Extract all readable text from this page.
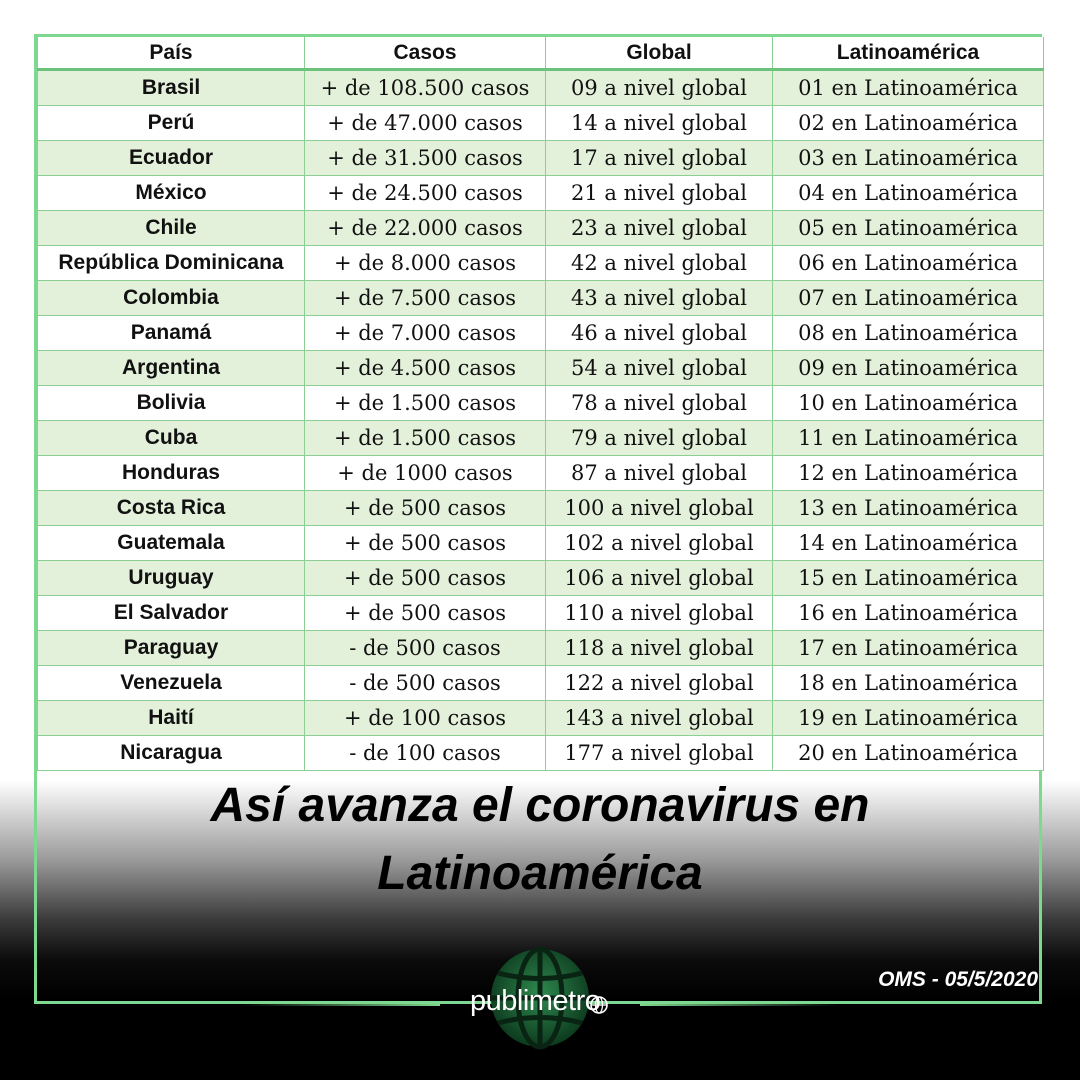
País	Casos	Global	Latinoamérica
Brasil	+ de 108.500 casos	09 a nivel global	01 en Latinoamérica
Perú	+ de 47.000 casos	14 a nivel global	02 en Latinoamérica
Ecuador	+ de 31.500 casos	17 a nivel global	03 en Latinoamérica
México	+ de 24.500 casos	21 a nivel global	04 en Latinoamérica
Chile	+ de 22.000 casos	23 a nivel global	05 en Latinoamérica
República Dominicana	+ de 8.000 casos	42 a nivel global	06 en Latinoamérica
Colombia	+ de 7.500 casos	43 a nivel global	07 en Latinoamérica
Panamá	+ de 7.000 casos	46 a nivel global	08 en Latinoamérica
Argentina	+ de 4.500 casos	54 a nivel global	09 en Latinoamérica
Bolivia	+ de 1.500 casos	78 a nivel global	10 en Latinoamérica
Cuba	+ de 1.500 casos	79 a nivel global	11 en Latinoamérica
Honduras	+ de 1000 casos	87 a nivel global	12 en Latinoamérica
Costa Rica	+ de 500 casos	100 a nivel global	13 en Latinoamérica
Guatemala	+ de 500 casos	102 a nivel global	14 en Latinoamérica
Uruguay	+ de 500 casos	106 a nivel global	15 en Latinoamérica
El Salvador	+ de 500 casos	110 a nivel global	16 en Latinoamérica
Paraguay	- de 500 casos	118 a nivel global	17 en Latinoamérica
Venezuela	- de 500 casos	122 a nivel global	18 en Latinoamérica
Haití	+ de 100 casos	143 a nivel global	19 en Latinoamérica
Nicaragua	- de 100 casos	177 a nivel global	20 en Latinoamérica
Así avanza el coronavirus en
Latinoamérica
OMS - 05/5/2020
publimetro
